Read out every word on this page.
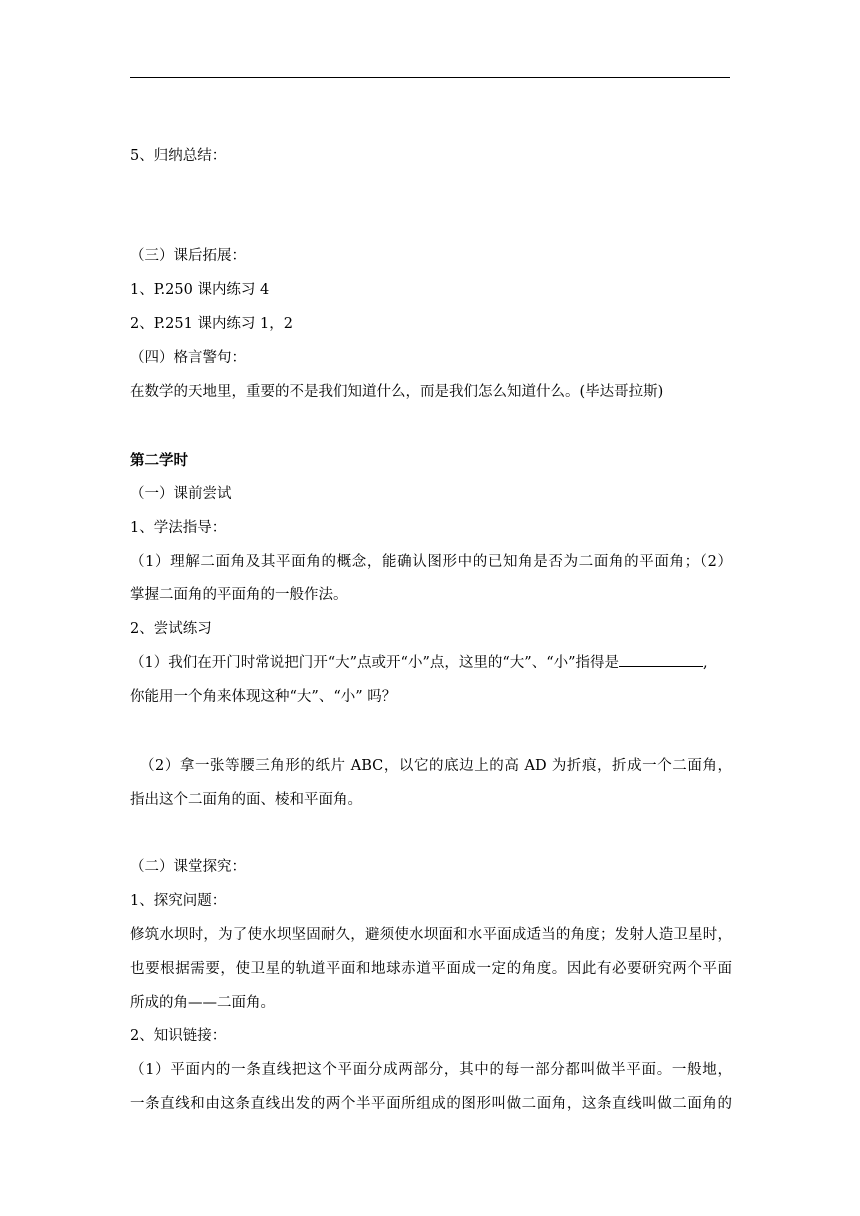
5、归纳总结：
（三）课后拓展：
1、P.250 课内练习 4
2、P.251 课内练习 1，2
（四）格言警句：
在数学的天地里，重要的不是我们知道什么，而是我们怎么知道什么。(毕达哥拉斯)
第二学时
（一）课前尝试
1、学法指导：
（1）理解二面角及其平面角的概念，能确认图形中的已知角是否为二面角的平面角；（2）
掌握二面角的平面角的一般作法。
2、尝试练习
（1）我们在开门时常说把门开“大”点或开“小”点，这里的“大”、“小”指得是	,
你能用一个角来体现这种“大”、“小” 吗？
（2）拿一张等腰三角形的纸片 ABC，以它的底边上的高 AD 为折痕，折成一个二面角，
指出这个二面角的面、棱和平面角。
（二）课堂探究：
1、探究问题：
修筑水坝时，为了使水坝坚固耐久，避须使水坝面和水平面成适当的角度；发射人造卫星时，
也要根据需要，使卫星的轨道平面和地球赤道平面成一定的角度。因此有必要研究两个平面
所成的角——二面角。
2、知识链接：
（1）平面内的一条直线把这个平面分成两部分，其中的每一部分都叫做半平面。一般地，
一条直线和由这条直线出发的两个半平面所组成的图形叫做二面角，这条直线叫做二面角的
